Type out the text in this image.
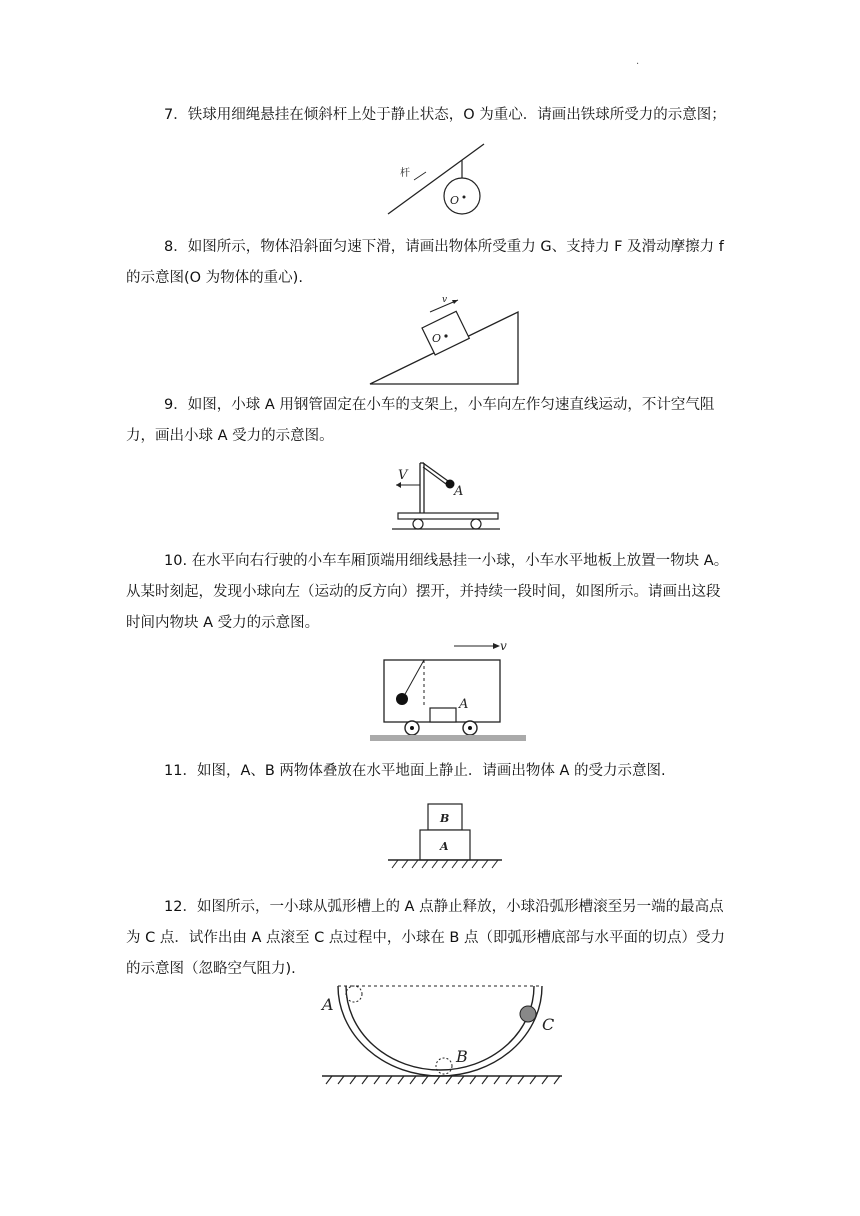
.
7．铁球用细绳悬挂在倾斜杆上处于静止状态，O 为重心．请画出铁球所受力的示意图；
杆
O
8．如图所示，物体沿斜面匀速下滑，请画出物体所受重力 G、支持力 F 及滑动摩擦力 f 的示意图(O 为物体的重心).
O
v
9．如图，小球 A 用钢管固定在小车的支架上，小车向左作匀速直线运动，不计空气阻力，画出小球 A 受力的示意图。
V
A
10. 在水平向右行驶的小车车厢顶端用细线悬挂一小球，小车水平地板上放置一物块 A。从某时刻起，发现小球向左（运动的反方向）摆开，并持续一段时间，如图所示。请画出这段时间内物块 A 受力的示意图。
v
A
11．如图，A、B 两物体叠放在水平地面上静止．请画出物体 A 的受力示意图.
B
A
12．如图所示，一小球从弧形槽上的 A 点静止释放，小球沿弧形槽滚至另一端的最高点为 C 点．试作出由 A 点滚至 C 点过程中，小球在 B 点（即弧形槽底部与水平面的切点）受力的示意图（忽略空气阻力).
A
B
C
